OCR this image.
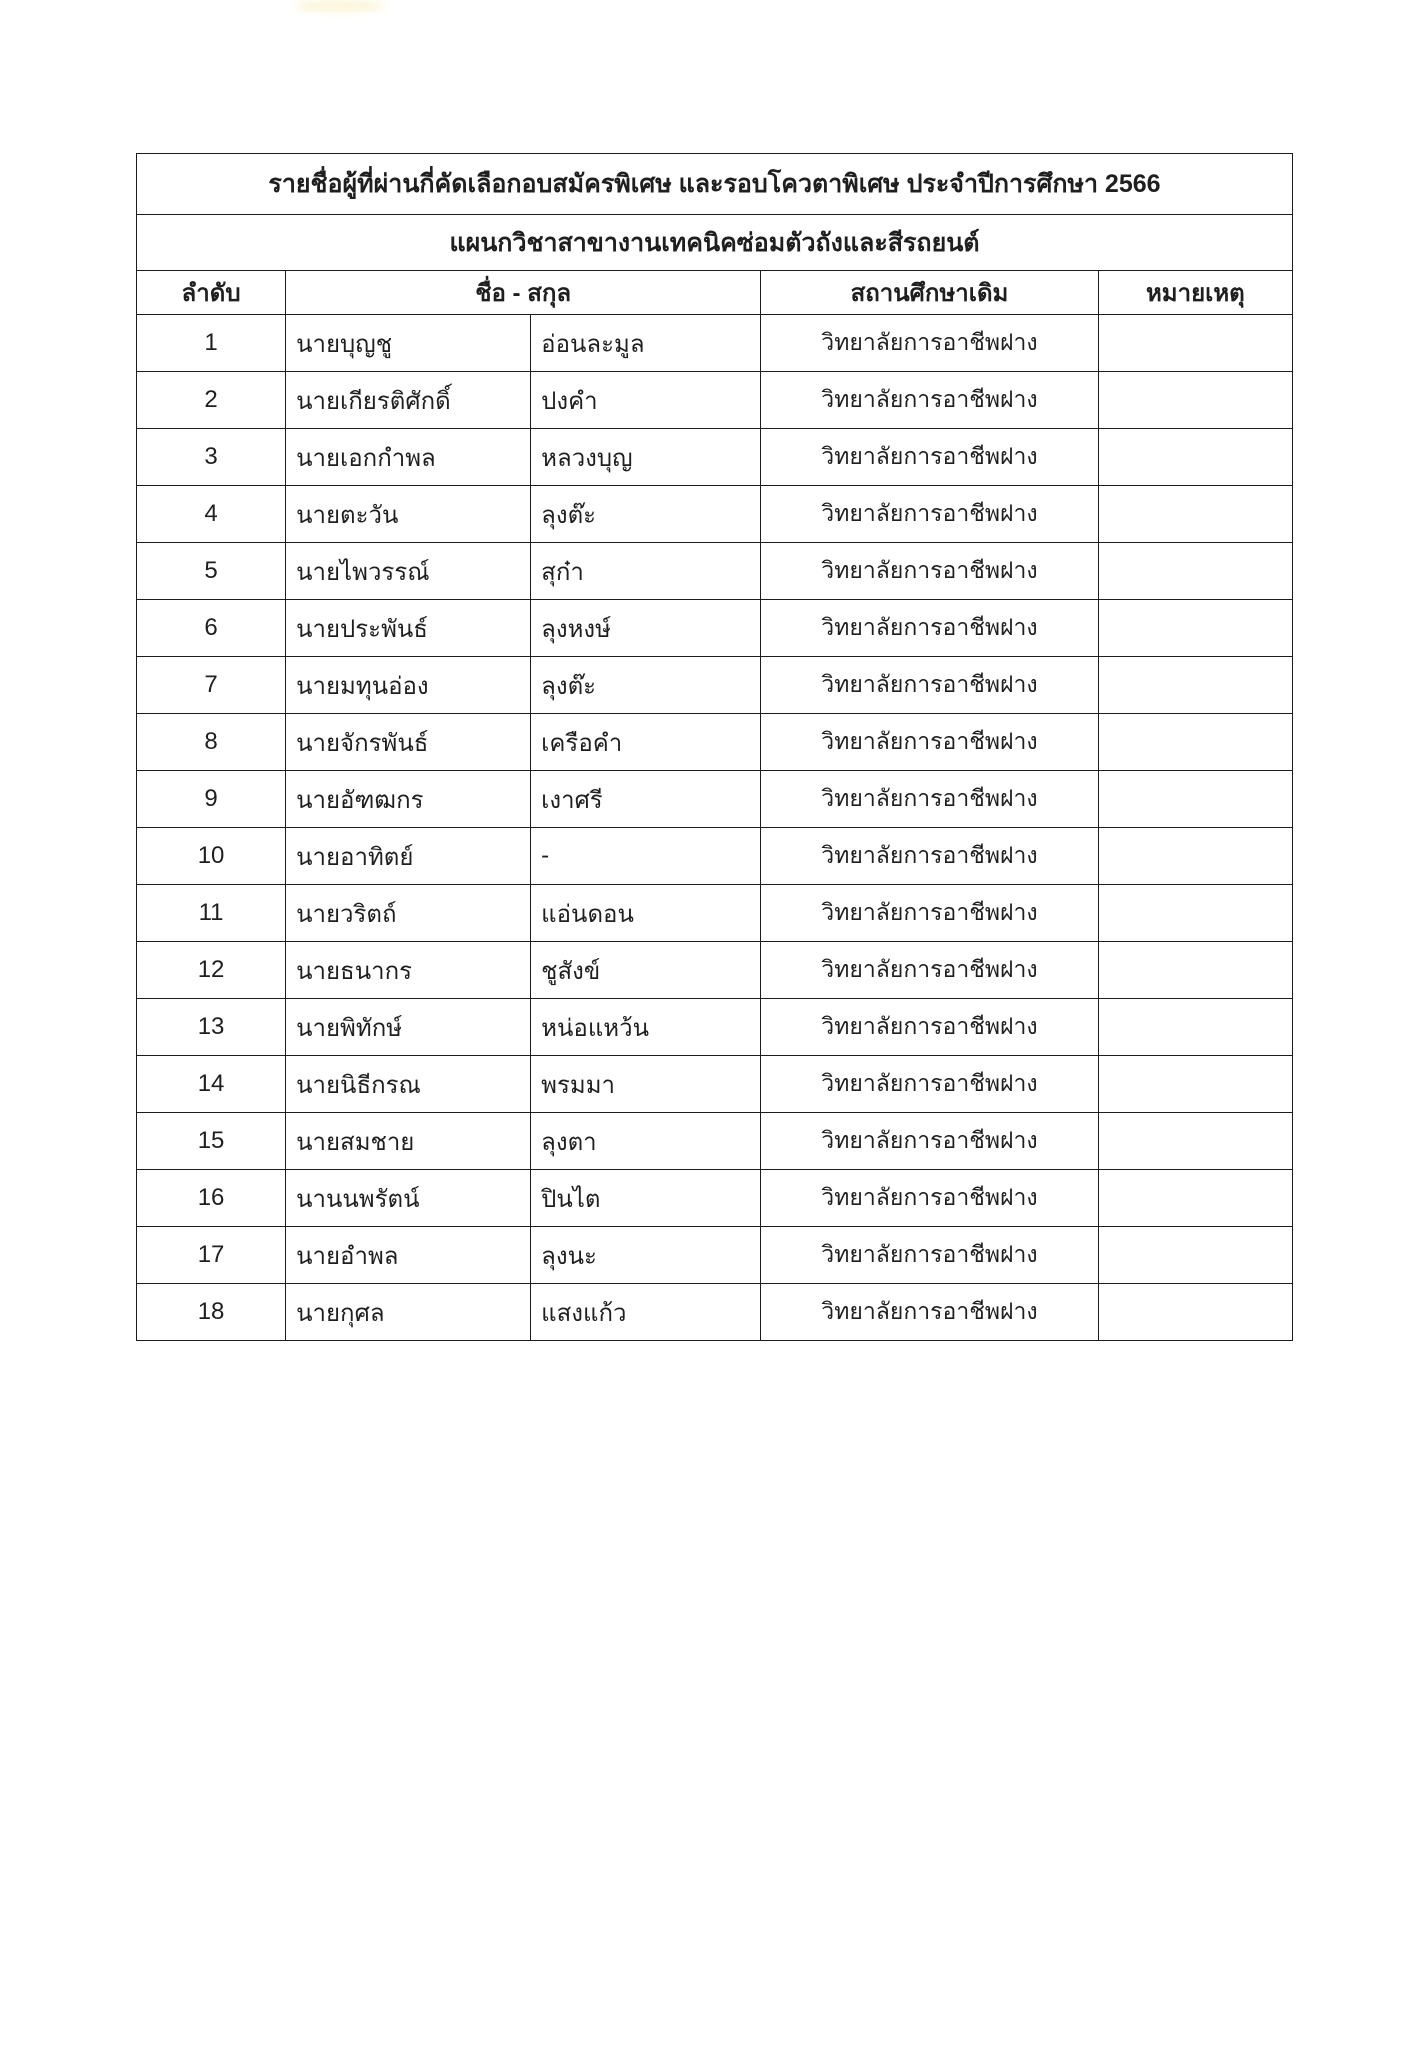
รายชื่อผู้ที่ผ่านกี่คัดเลือกอบสมัครพิเศษ และรอบโควตาพิเศษ ประจำปีการศึกษา 2566				
แผนกวิชาสาขางานเทคนิคซ่อมตัวถังและสีรถยนต์				
ลำดับ	ชื่อ - สกุล		สถานศึกษาเดิม	หมายเหตุ
1	นายบุญชู	อ่อนละมูล	วิทยาลัยการอาชีพฝาง	
2	นายเกียรติศักดิ์	ปงคำ	วิทยาลัยการอาชีพฝาง	
3	นายเอกกำพล	หลวงบุญ	วิทยาลัยการอาชีพฝาง	
4	นายตะวัน	ลุงต๊ะ	วิทยาลัยการอาชีพฝาง	
5	นายไพวรรณ์	สุก๋า	วิทยาลัยการอาชีพฝาง	
6	นายประพันธ์	ลุงหงษ์	วิทยาลัยการอาชีพฝาง	
7	นายมทุนอ่อง	ลุงต๊ะ	วิทยาลัยการอาชีพฝาง	
8	นายจักรพันธ์	เครือคำ	วิทยาลัยการอาชีพฝาง	
9	นายอัฑฒกร	เงาศรี	วิทยาลัยการอาชีพฝาง	
10	นายอาทิตย์	-	วิทยาลัยการอาชีพฝาง	
11	นายวริตถ์	แอ่นดอน	วิทยาลัยการอาชีพฝาง	
12	นายธนากร	ชูสังข์	วิทยาลัยการอาชีพฝาง	
13	นายพิทักษ์	หน่อแหว้น	วิทยาลัยการอาชีพฝาง	
14	นายนิธีกรณ	พรมมา	วิทยาลัยการอาชีพฝาง	
15	นายสมชาย	ลุงตา	วิทยาลัยการอาชีพฝาง	
16	นานนพรัตน์	ปินไต	วิทยาลัยการอาชีพฝาง	
17	นายอำพล	ลุงนะ	วิทยาลัยการอาชีพฝาง	
18	นายกุศล	แสงแก้ว	วิทยาลัยการอาชีพฝาง	
